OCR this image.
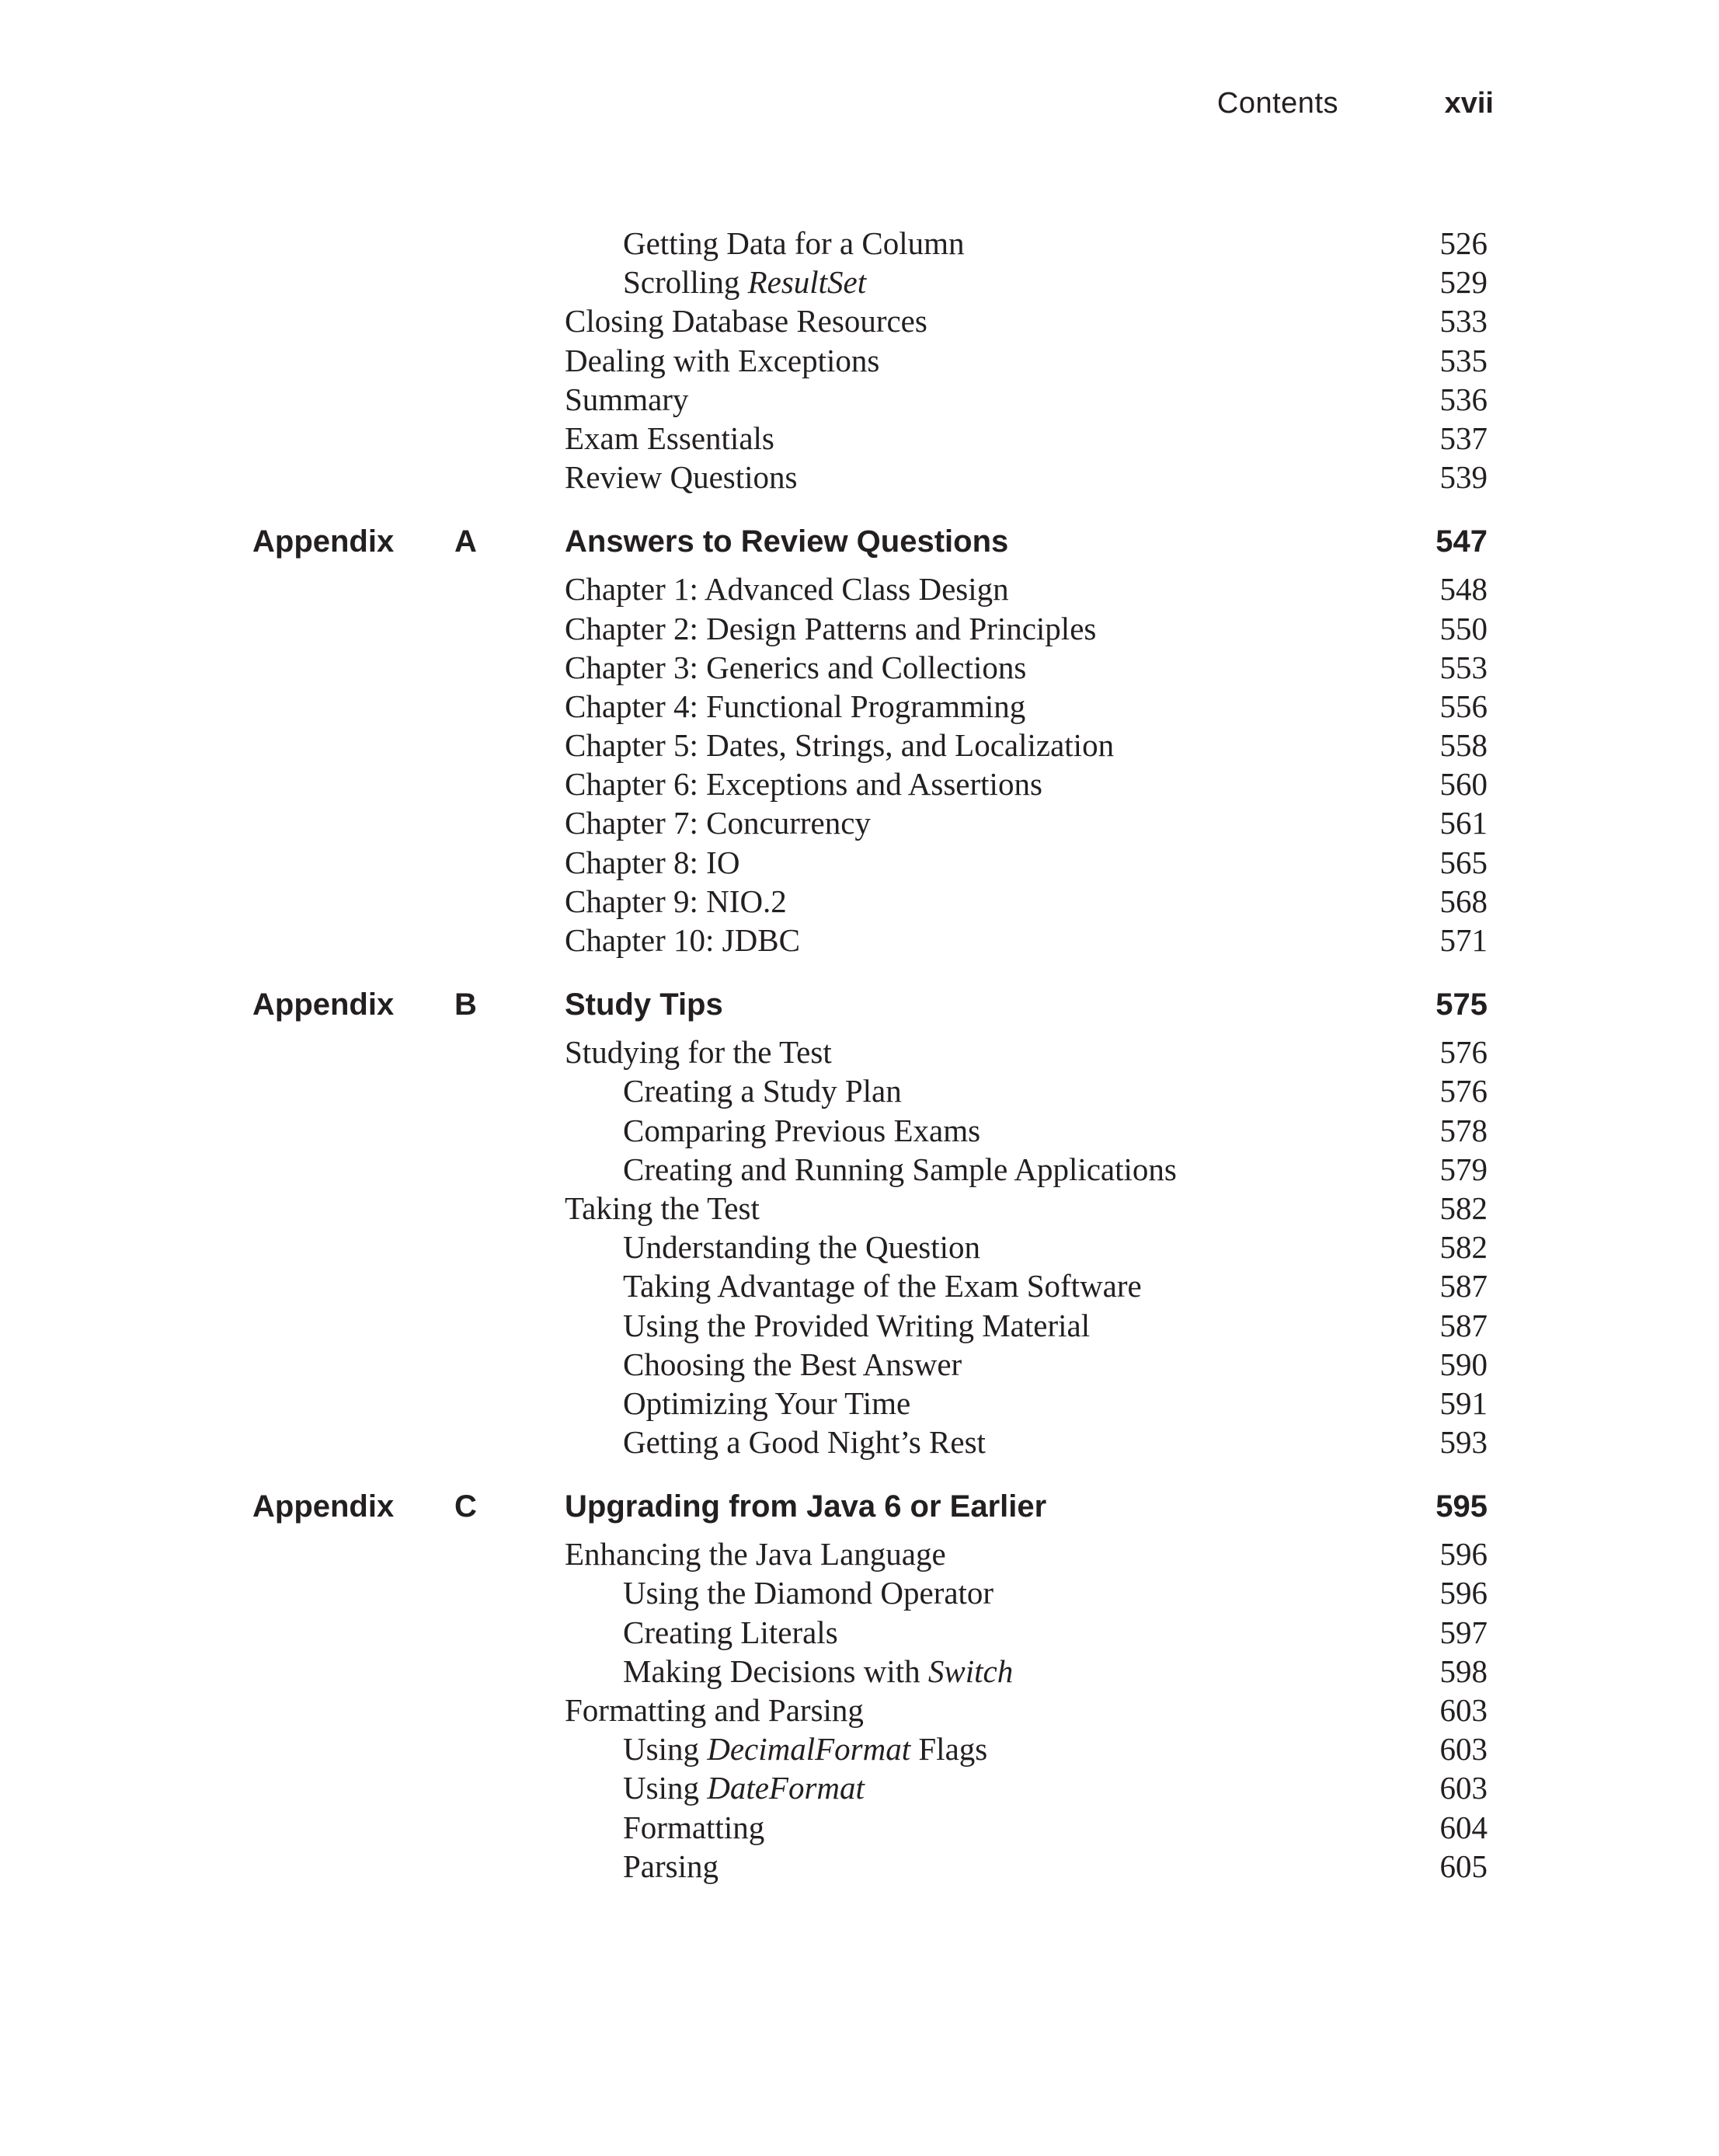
Contents	xvii
Getting Data for a Column	526
Scrolling ResultSet	529
Closing Database Resources	533
Dealing with Exceptions	535
Summary	536
Exam Essentials	537
Review Questions	539
Appendix A	Answers to Review Questions	547
Chapter 1: Advanced Class Design	548
Chapter 2: Design Patterns and Principles	550
Chapter 3: Generics and Collections	553
Chapter 4: Functional Programming	556
Chapter 5: Dates, Strings, and Localization	558
Chapter 6: Exceptions and Assertions	560
Chapter 7: Concurrency	561
Chapter 8: IO	565
Chapter 9: NIO.2	568
Chapter 10: JDBC	571
Appendix B	Study Tips	575
Studying for the Test	576
Creating a Study Plan	576
Comparing Previous Exams	578
Creating and Running Sample Applications	579
Taking the Test	582
Understanding the Question	582
Taking Advantage of the Exam Software	587
Using the Provided Writing Material	587
Choosing the Best Answer	590
Optimizing Your Time	591
Getting a Good Night’s Rest	593
Appendix C	Upgrading from Java 6 or Earlier	595
Enhancing the Java Language	596
Using the Diamond Operator	596
Creating Literals	597
Making Decisions with Switch	598
Formatting and Parsing	603
Using DecimalFormat Flags	603
Using DateFormat	603
Formatting	604
Parsing	605
